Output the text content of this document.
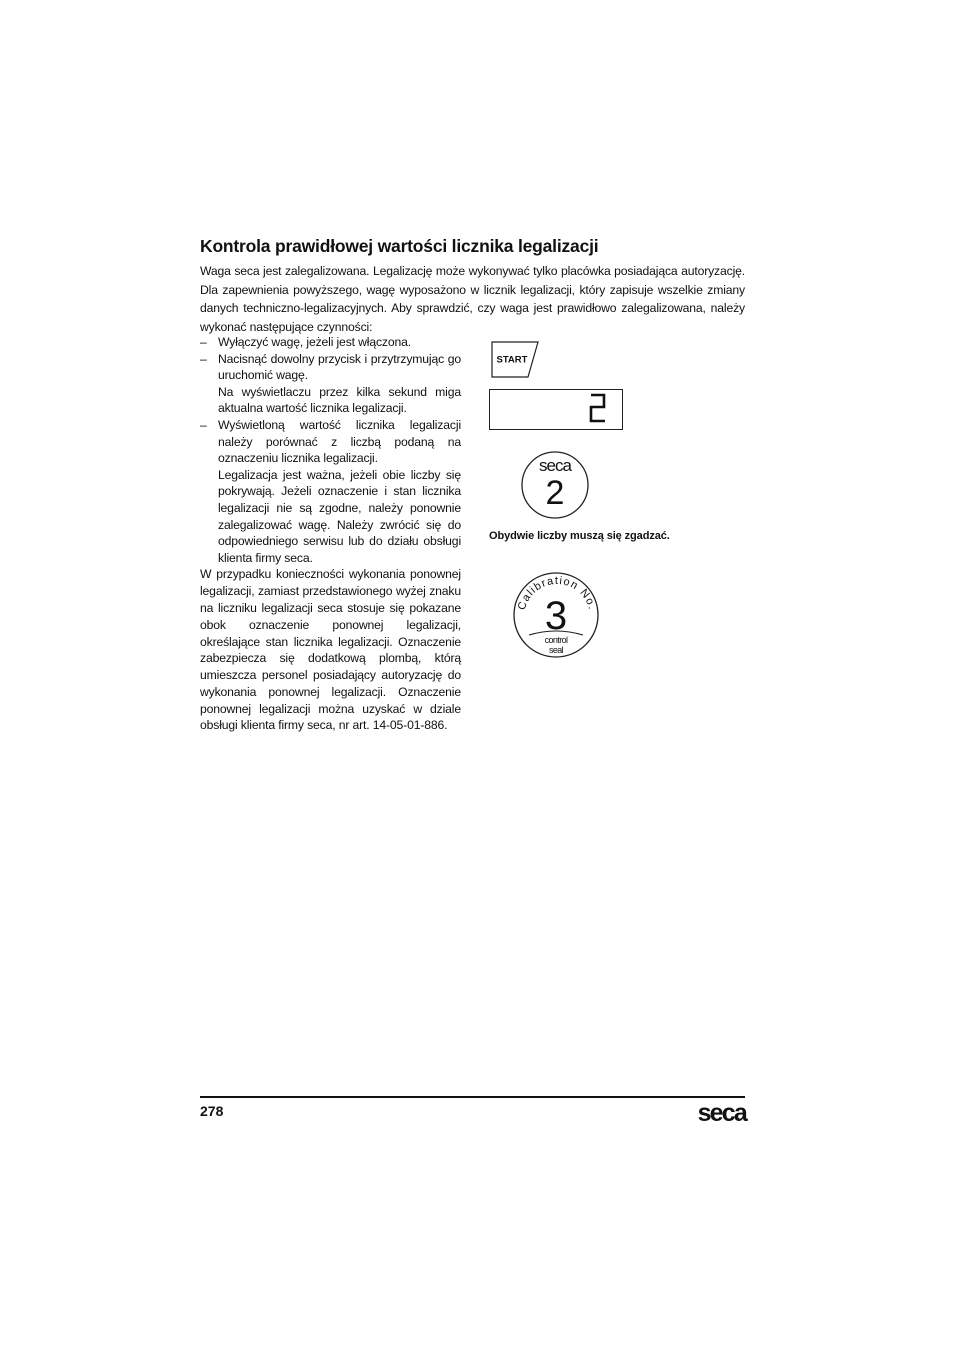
Kontrola prawidłowej wartości licznika legalizacji

Waga seca jest zalegalizowana. Legalizację może wykonywać tylko placówka posiadająca autoryzację. Dla zapewnienia powyższego, wagę wyposażono w licznik legalizacji, który zapisuje wszelkie zmiany danych techniczno-legalizacyjnych. Aby sprawdzić, czy waga jest prawidłowo zalegalizowana, należy wykonać następujące czynności:

– Wyłączyć wagę, jeżeli jest włączona.

– Nacisnąć dowolny przycisk i przytrzymując go uruchomić wagę.

Na wyświetlaczu przez kilka sekund miga aktualna wartość licznika legalizacji.

– Wyświetloną wartość licznika legalizacji należy porównać z liczbą podaną na oznaczeniu licznika legalizacji.

Legalizacja jest ważna, jeżeli obie liczby się pokrywają. Jeżeli oznaczenie i stan licznika legalizacji nie są zgodne, należy ponownie zalegalizować wagę. Należy zwrócić się do odpowiedniego serwisu lub do działu obsługi klienta firmy seca.

W przypadku konieczności wykonania ponownej legalizacji, zamiast przedstawionego wyżej znaku na liczniku legalizacji seca stosuje się pokazane obok oznaczenie ponownej legalizacji, określające stan licznika legalizacji. Oznaczenie zabezpiecza się dodatkową plombą, którą umieszcza personel posiadający autoryzację do wykonania ponownej legalizacji. Oznaczenie ponownej legalizacji można uzyskać w dziale obsługi klienta firmy seca, nr art. 14-05-01-886.

START
seca
2
Obydwie liczby muszą się zgadzać.
Calibration No.
3
control
seal
278	seca
